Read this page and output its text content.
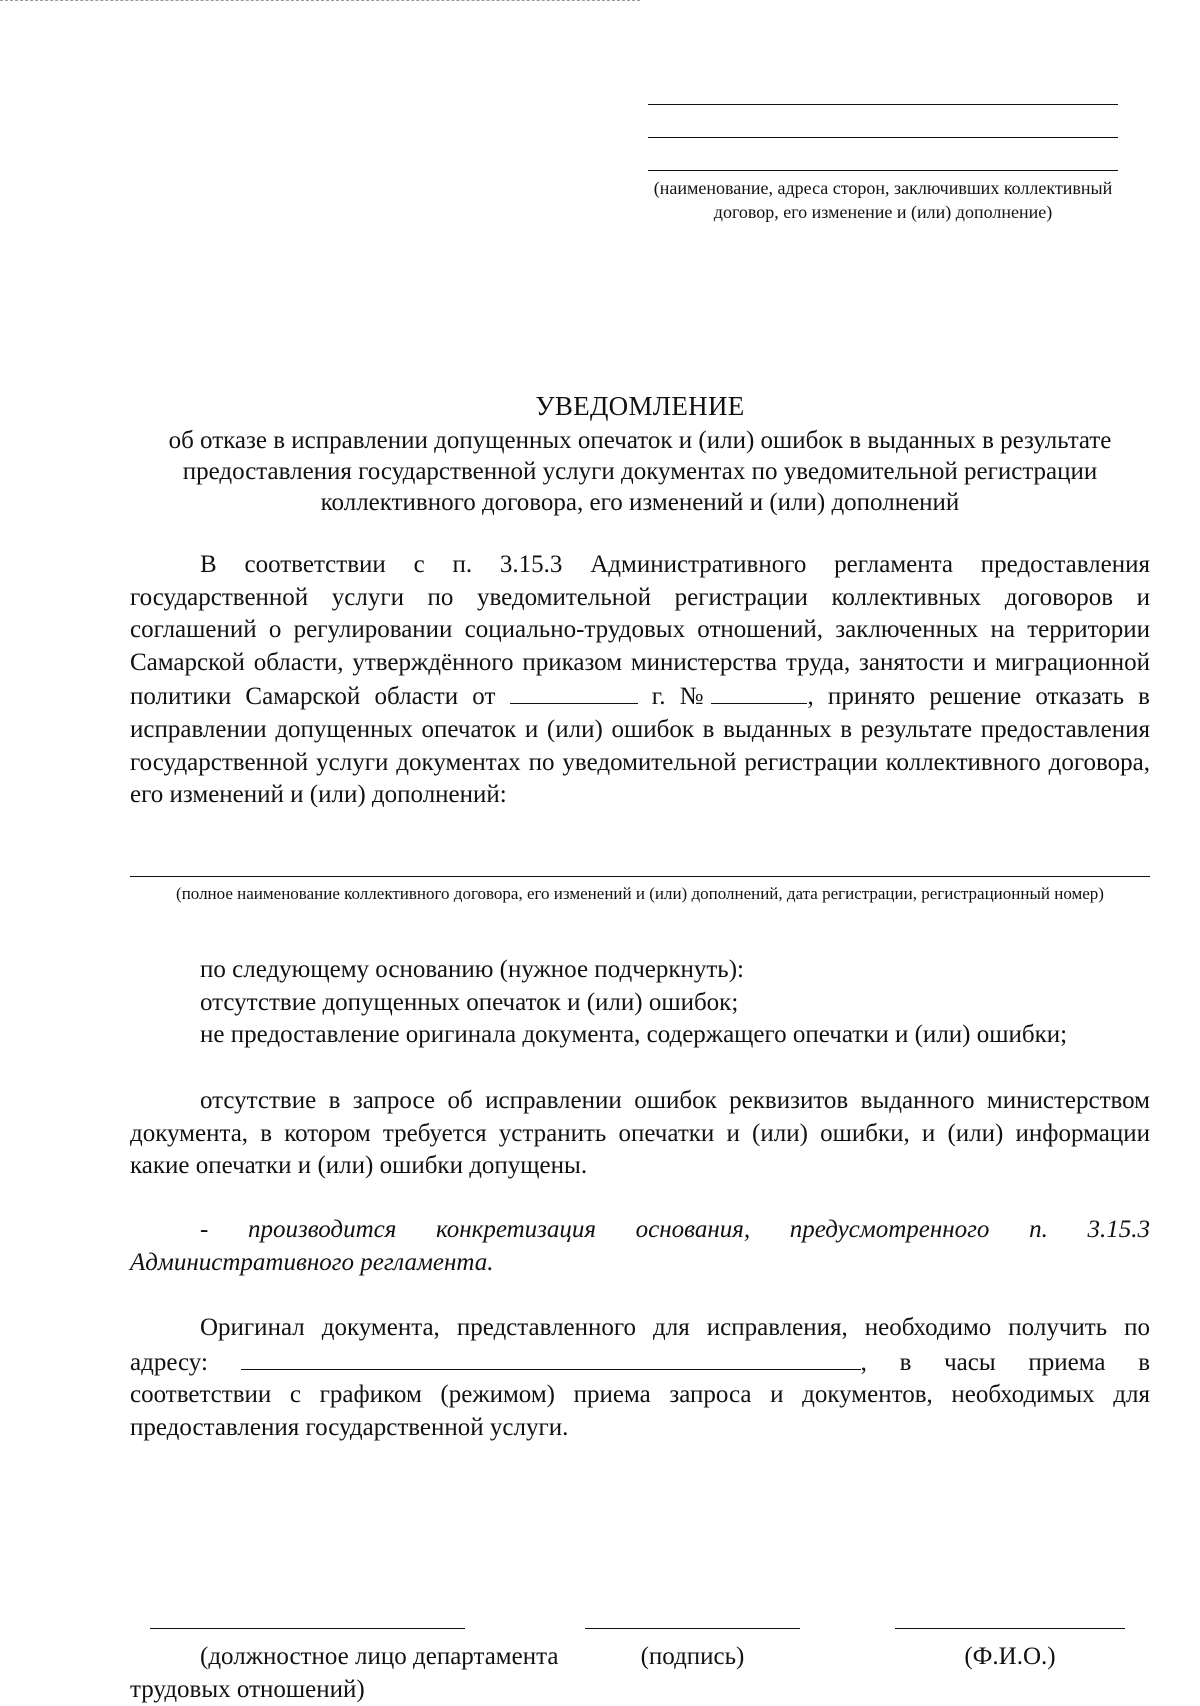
(наименование, адреса сторон, заключивших коллективный договор, его изменение и (или) дополнение)
УВЕДОМЛЕНИЕ
об отказе в исправлении допущенных опечаток и (или) ошибок в выданных в результате предоставления государственной услуги документах по уведомительной регистрации коллективного договора, его изменений и (или) дополнений
В соответствии с п. 3.15.3 Административного регламента предоставления государственной услуги по уведомительной регистрации коллективных договоров и соглашений о регулировании социально-трудовых отношений, заключенных на территории Самарской области, утверждённого приказом министерства труда, занятости и миграционной политики Самарской области от	г. №	, принято решение отказать в исправлении допущенных опечаток и (или) ошибок в выданных в результате предоставления государственной услуги документах по уведомительной регистрации коллективного договора, его изменений и (или) дополнений:
(полное наименование коллективного договора, его изменений и (или) дополнений, дата регистрации, регистрационный номер)
по следующему основанию (нужное подчеркнуть):
отсутствие допущенных опечаток и (или) ошибок;
не предоставление оригинала документа, содержащего опечатки и (или) ошибки;
отсутствие в запросе об исправлении ошибок реквизитов выданного министерством документа, в котором требуется устранить опечатки и (или) ошибки, и (или) информации какие опечатки и (или) ошибки допущены.
- производится конкретизация основания, предусмотренного п. 3.15.3 Административного регламента.
Оригинал документа, представленного для исправления, необходимо получить по адресу:	, в часы приема в соответствии с графиком (режимом) приема запроса и документов, необходимых для предоставления государственной услуги.
(должностное лицо департамента трудовых отношений)
(подпись)	(Ф.И.О.)
